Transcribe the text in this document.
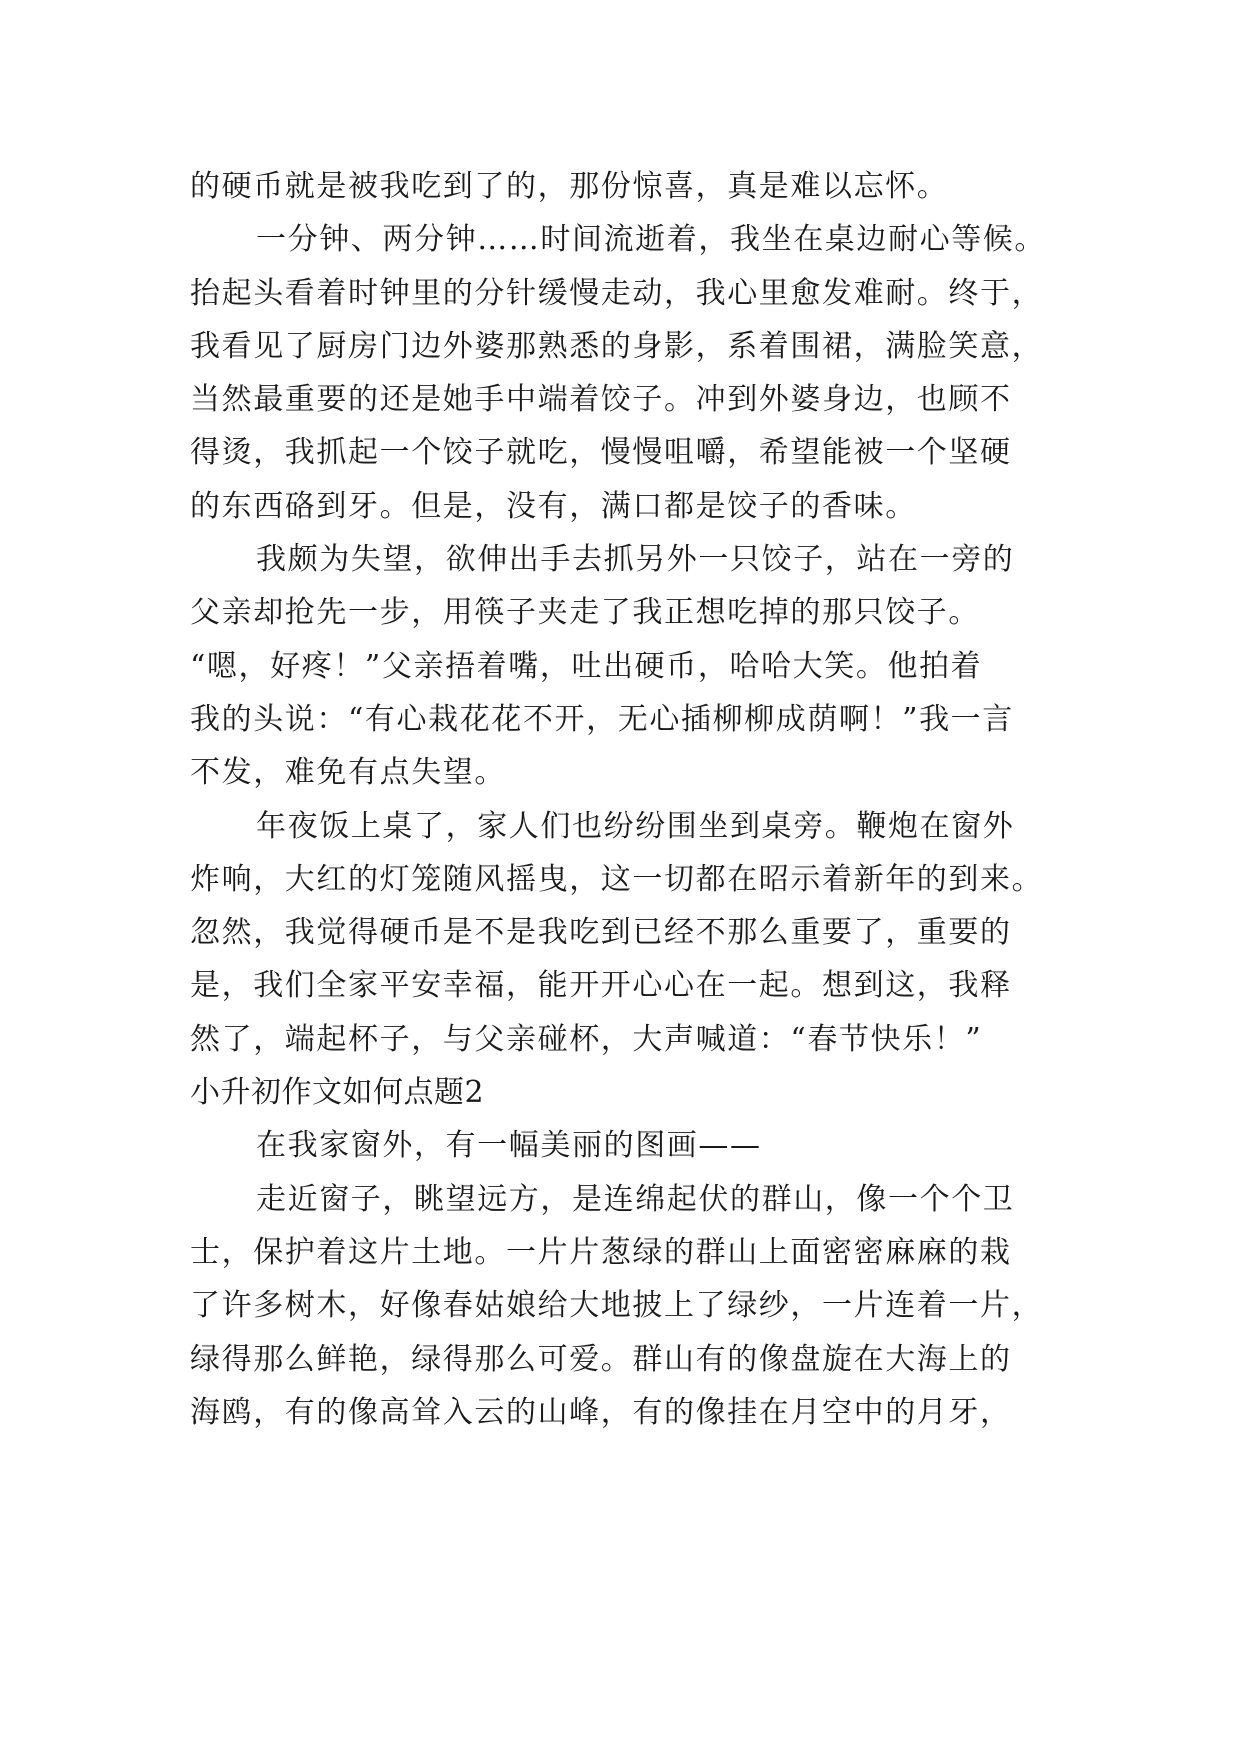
的硬币就是被我吃到了的，那份惊喜，真是难以忘怀。
一分钟、两分钟……时间流逝着，我坐在桌边耐心等候。
抬起头看着时钟里的分针缓慢走动，我心里愈发难耐。终于，
我看见了厨房门边外婆那熟悉的身影，系着围裙，满脸笑意，
当然最重要的还是她手中端着饺子。冲到外婆身边，也顾不
得烫，我抓起一个饺子就吃，慢慢咀嚼，希望能被一个坚硬
的东西硌到牙。但是，没有，满口都是饺子的香味。
我颇为失望，欲伸出手去抓另外一只饺子，站在一旁的
父亲却抢先一步，用筷子夹走了我正想吃掉的那只饺子。
“嗯，好疼！”父亲捂着嘴，吐出硬币，哈哈大笑。他拍着
我的头说：“有心栽花花不开，无心插柳柳成荫啊！”我一言
不发，难免有点失望。
年夜饭上桌了，家人们也纷纷围坐到桌旁。鞭炮在窗外
炸响，大红的灯笼随风摇曳，这一切都在昭示着新年的到来。
忽然，我觉得硬币是不是我吃到已经不那么重要了，重要的
是，我们全家平安幸福，能开开心心在一起。想到这，我释
然了，端起杯子，与父亲碰杯，大声喊道：“春节快乐！”
小升初作文如何点题2
在我家窗外，有一幅美丽的图画——
走近窗子，眺望远方，是连绵起伏的群山，像一个个卫
士，保护着这片土地。一片片葱绿的群山上面密密麻麻的栽
了许多树木，好像春姑娘给大地披上了绿纱，一片连着一片，
绿得那么鲜艳，绿得那么可爱。群山有的像盘旋在大海上的
海鸥，有的像高耸入云的山峰，有的像挂在月空中的月牙，
